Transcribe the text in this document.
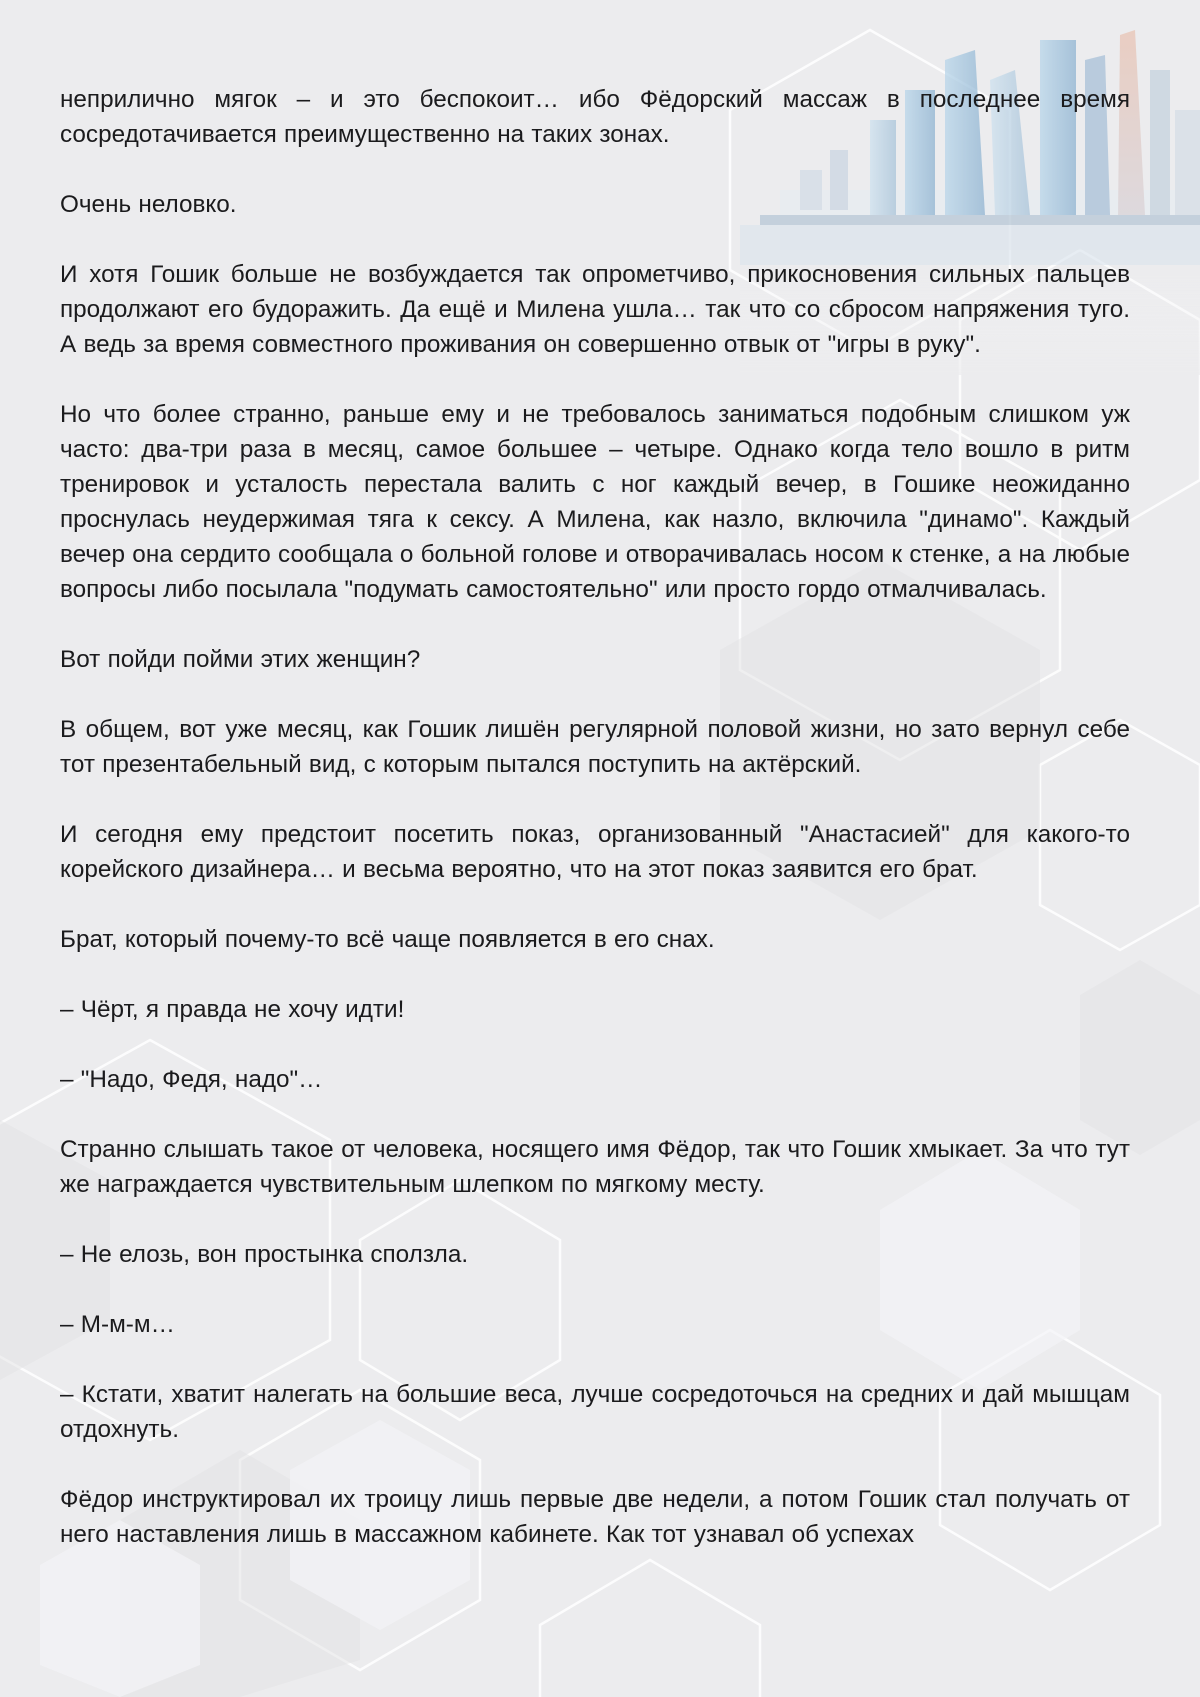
неприлично мягок – и это беспокоит… ибо Фёдорский массаж в последнее время сосредотачивается преимущественно на таких зонах.

Очень неловко.

И хотя Гошик больше не возбуждается так опрометчиво, прикосновения сильных пальцев продолжают его будоражить. Да ещё и Милена ушла… так что со сбросом напряжения туго. А ведь за время совместного проживания он совершенно отвык от "игры в руку".

Но что более странно, раньше ему и не требовалось заниматься подобным слишком уж часто: два-три раза в месяц, самое большее – четыре. Однако когда тело вошло в ритм тренировок и усталость перестала валить с ног каждый вечер, в Гошике неожиданно проснулась неудержимая тяга к сексу. А Милена, как назло, включила "динамо". Каждый вечер она сердито сообщала о больной голове и отворачивалась носом к стенке, а на любые вопросы либо посылала "подумать самостоятельно" или просто гордо отмалчивалась.

Вот пойди пойми этих женщин?

В общем, вот уже месяц, как Гошик лишён регулярной половой жизни, но зато вернул себе тот презентабельный вид, с которым пытался поступить на актёрский.

И сегодня ему предстоит посетить показ, организованный "Анастасией" для какого-то корейского дизайнера… и весьма вероятно, что на этот показ заявится его брат.

Брат, который почему-то всё чаще появляется в его снах.

– Чёрт, я правда не хочу идти!

– "Надо, Федя, надо"…

Странно слышать такое от человека, носящего имя Фёдор, так что Гошик хмыкает. За что тут же награждается чувствительным шлепком по мягкому месту.

– Не елозь, вон простынка сползла.

– М-м-м…

– Кстати, хватит налегать на большие веса, лучше сосредоточься на средних и дай мышцам отдохнуть.

Фёдор инструктировал их троицу лишь первые две недели, а потом Гошик стал получать от него наставления лишь в массажном кабинете. Как тот узнавал об успехах
